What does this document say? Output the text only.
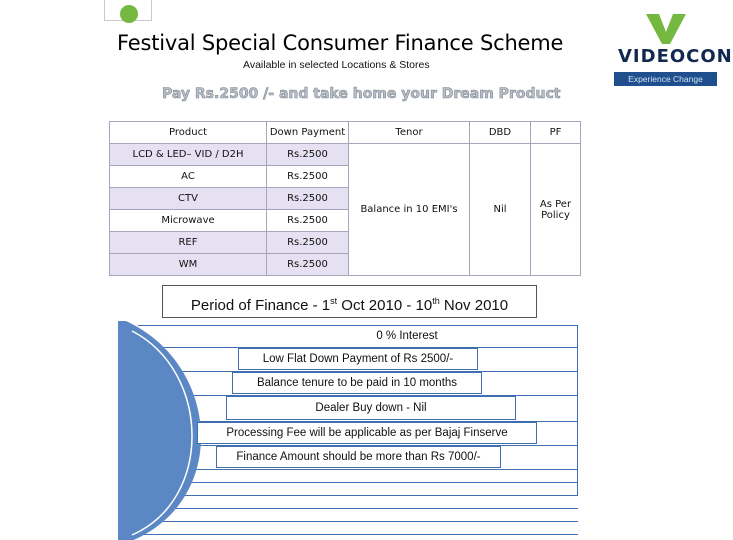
Festival Special Consumer Finance Scheme
Available in selected Locations & Stores	VIDEOCON
Experience Change
Pay Rs.2500 /- and take home your Dream Product
Product	Down Payment	Tenor	DBD	PF
LCD & LED– VID / D2H	Rs.2500	Balance in 10 EMI's	Nil	As Per Policy
AC	Rs.2500			
CTV	Rs.2500			
Microwave	Rs.2500			
REF	Rs.2500			
WM	Rs.2500			
Period of Finance - 1st Oct 2010 - 10th Nov 2010
0 % Interest
Low Flat Down Payment of Rs 2500/-
Balance tenure to be paid in 10 months
Dealer Buy down - Nil
Processing Fee will be applicable as per Bajaj Finserve
Finance Amount should be more than Rs 7000/-
